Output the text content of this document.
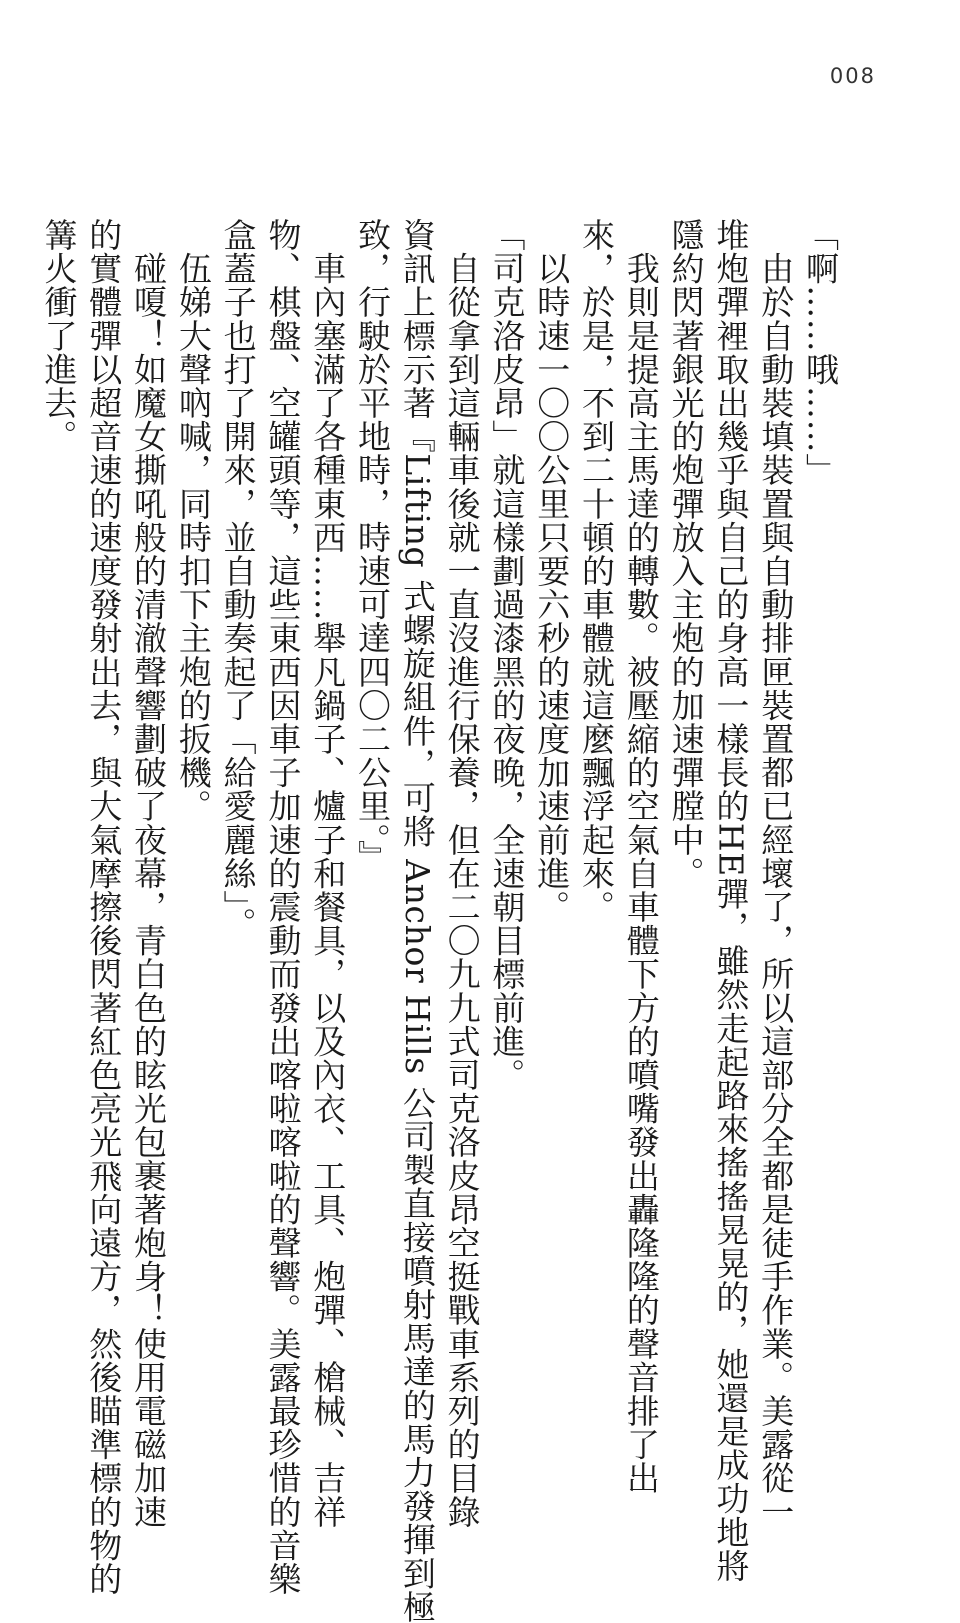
008

「啊……哦……」

　由於自動裝填裝置與自動排匣裝置都已經壞了，所以這部分全都是徒手作業。美露從一

堆炮彈裡取出幾乎與自己的身高一樣長的HE彈，雖然走起路來搖搖晃晃的，她還是成功地將

隱約閃著銀光的炮彈放入主炮的加速彈膛中。

　我則是提高主馬達的轉數。被壓縮的空氣自車體下方的噴嘴發出轟隆隆的聲音排了出

來，於是，不到二十頓的車體就這麼飄浮起來。

　以時速一〇〇公里只要六秒的速度加速前進。

「司克洛皮昂」就這樣劃過漆黑的夜晚，全速朝目標前進。

　自從拿到這輛車後就一直沒進行保養，但在二〇九九式司克洛皮昂空挺戰車系列的目錄

資訊上標示著『Lifting 式螺旋組件，可將 Anchor Hills 公司製直接噴射馬達的馬力發揮到極

致，行駛於平地時，時速可達四〇二公里。』

　車內塞滿了各種東西……舉凡鍋子、爐子和餐具，以及內衣、工具、炮彈、槍械、吉祥

物、棋盤、空罐頭等，這些東西因車子加速的震動而發出喀啦喀啦的聲響。美露最珍惜的音樂

盒蓋子也打了開來，並自動奏起了「給愛麗絲」。

　伍娣大聲吶喊，同時扣下主炮的扳機。

　碰嗄！如魔女撕吼般的清澈聲響劃破了夜幕，青白色的眩光包裹著炮身！使用電磁加速

的實體彈以超音速的速度發射出去，與大氣摩擦後閃著紅色亮光飛向遠方，然後瞄準標的物的

篝火衝了進去。
